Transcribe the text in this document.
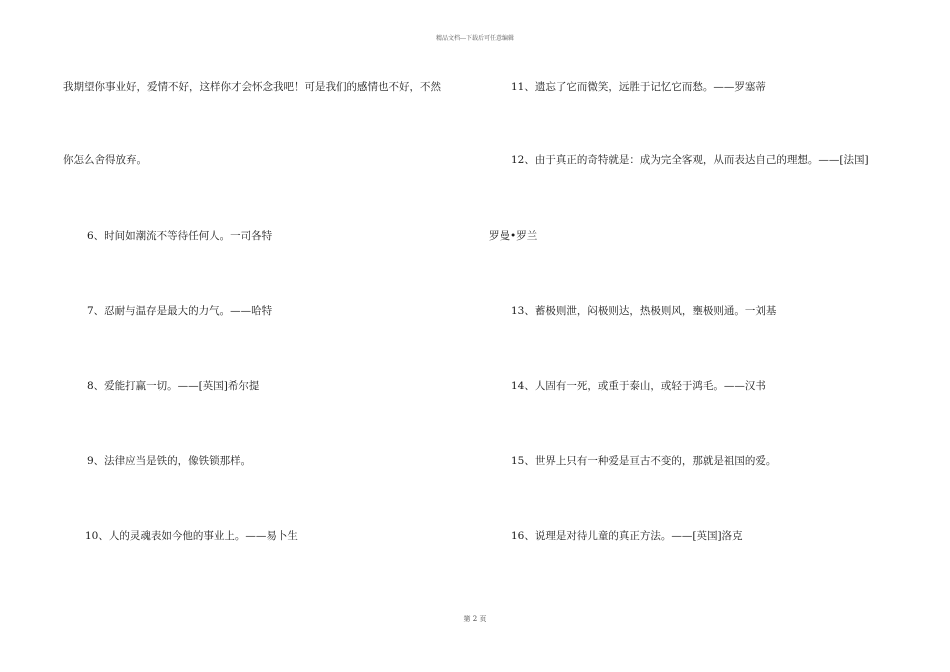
精品文档---下载后可任意编辑
我期望你事业好，爱情不好，这样你才会怀念我吧！可是我们的感情也不好，不然
你怎么舍得放弃。
6、时间如潮流不等待任何人。一司各特
7、忍耐与温存是最大的力气。——哈特
8、爱能打赢一切。——[英国]希尔提
9、法律应当是铁的，像铁锁那样。
10、人的灵魂表如今他的事业上。——易卜生
11、遗忘了它而微笑，远胜于记忆它而愁。——罗塞蒂
12、由于真正的奇特就是：成为完全客观，从而表达自己的理想。——[法国]
罗曼•罗兰
13、蓄极则泄，闷极则达，热极则风，壅极则通。一刘基
14、人固有一死，或重于泰山，或轻于鸿毛。——汉书
15、世界上只有一种爱是亘古不变的，那就是祖国的爱。
16、说理是对待儿童的真正方法。——[英国]洛克
第 2 页
